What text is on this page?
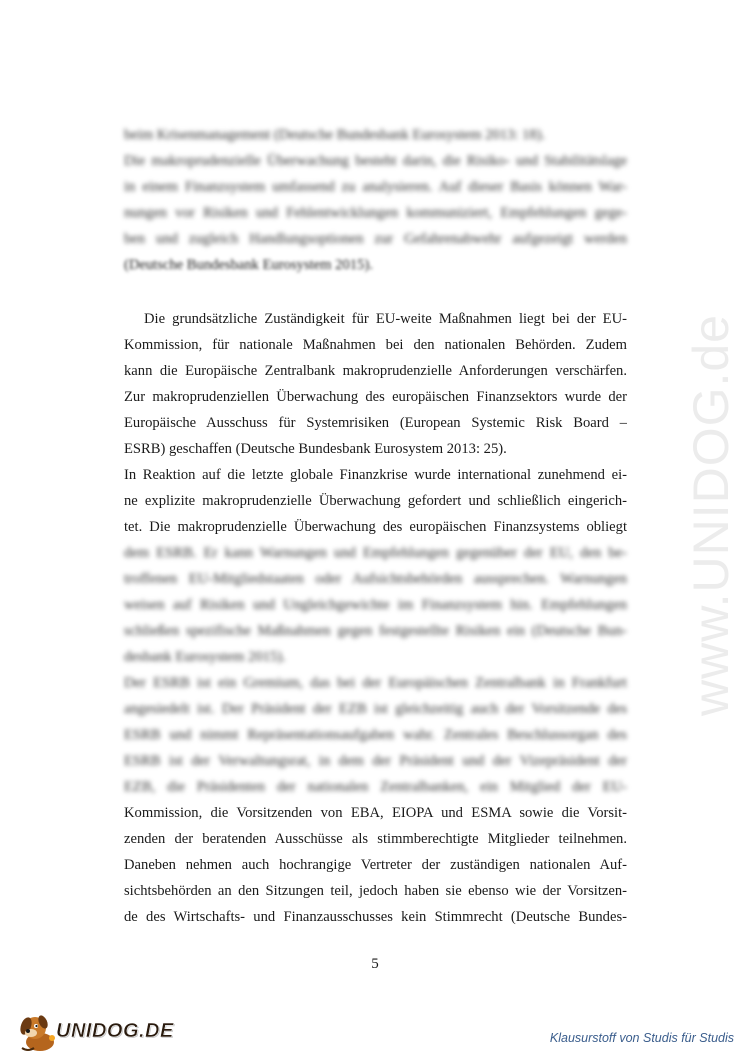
www.UNIDOG.de
beim Krisenmanagement (Deutsche Bundesbank Eurosystem 2013: 18).
Die makroprudenzielle Überwachung besteht darin, die Risiko- und Stabilitätslage
in einem Finanzsystem umfassend zu analysieren. Auf dieser Basis können War-
nungen vor Risiken und Fehlentwicklungen kommuniziert, Empfehlungen gege-
ben und zugleich Handlungsoptionen zur Gefahrenabwehr aufgezeigt werden
(Deutsche Bundesbank Eurosystem 2015).
Die grundsätzliche Zuständigkeit für EU-weite Maßnahmen liegt bei der EU-
Kommission, für nationale Maßnahmen bei den nationalen Behörden. Zudem
kann die Europäische Zentralbank makroprudenzielle Anforderungen verschärfen.
Zur makroprudenziellen Überwachung des europäischen Finanzsektors wurde der
Europäische Ausschuss für Systemrisiken (European Systemic Risk Board –
ESRB) geschaffen (Deutsche Bundesbank Eurosystem 2013: 25).
In Reaktion auf die letzte globale Finanzkrise wurde international zunehmend ei-
ne explizite makroprudenzielle Überwachung gefordert und schließlich eingerich-
tet. Die makroprudenzielle Überwachung des europäischen Finanzsystems obliegt
dem ESRB. Er kann Warnungen und Empfehlungen gegenüber der EU, den be-
troffenen EU-Mitgliedstaaten oder Aufsichtsbehörden aussprechen. Warnungen
weisen auf Risiken und Ungleichgewichte im Finanzsystem hin. Empfehlungen
schließen spezifische Maßnahmen gegen festgestellte Risiken ein (Deutsche Bun-
desbank Eurosystem 2015).
Der ESRB ist ein Gremium, das bei der Europäischen Zentralbank in Frankfurt
angesiedelt ist. Der Präsident der EZB ist gleichzeitig auch der Vorsitzende des
ESRB und nimmt Repräsentationsaufgaben wahr. Zentrales Beschlussorgan des
ESRB ist der Verwaltungsrat, in dem der Präsident und der Vizepräsident der
EZB, die Präsidenten der nationalen Zentralbanken, ein Mitglied der EU-
Kommission, die Vorsitzenden von EBA, EIOPA und ESMA sowie die Vorsit-
zenden der beratenden Ausschüsse als stimmberechtigte Mitglieder teilnehmen.
Daneben nehmen auch hochrangige Vertreter der zuständigen nationalen Auf-
sichtsbehörden an den Sitzungen teil, jedoch haben sie ebenso wie der Vorsitzen-
de des Wirtschafts- und Finanzausschusses kein Stimmrecht (Deutsche Bundes-
5
UNIDOG.DE	Klausurstoff von Studis für Studis
